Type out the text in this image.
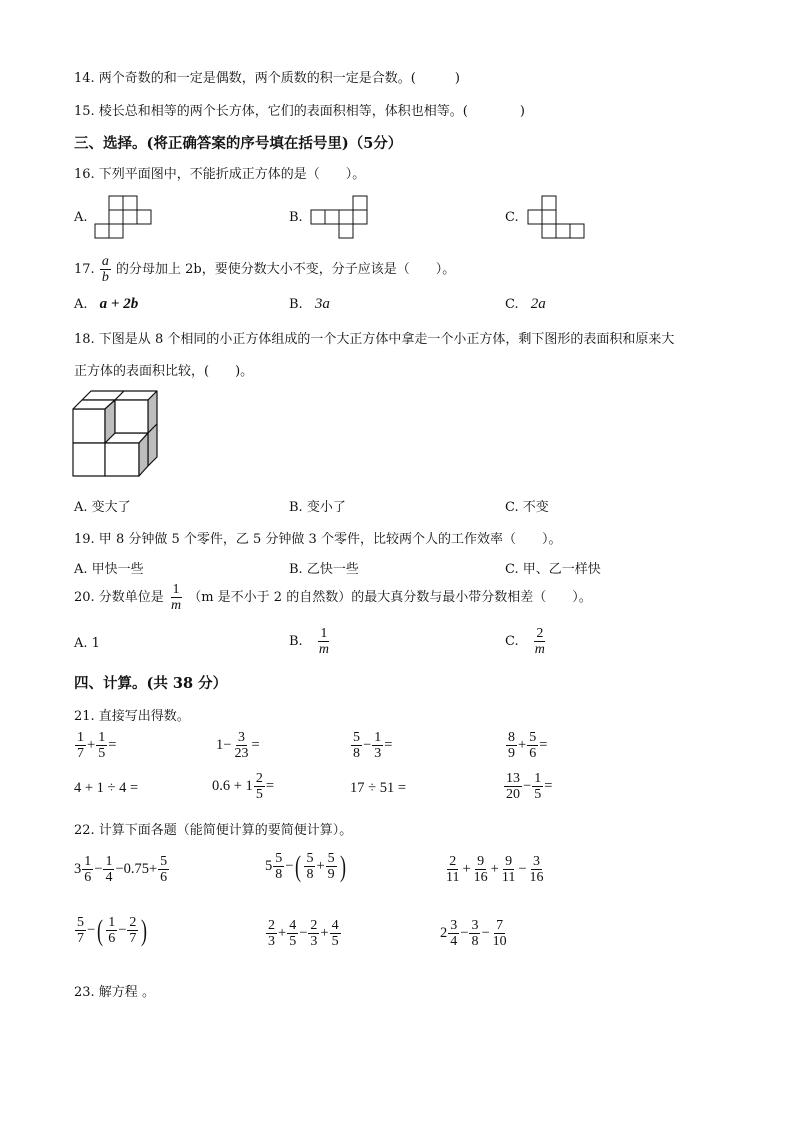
14. 两个奇数的和一定是偶数，两个质数的积一定是合数。(　　　)
15. 棱长总和相等的两个长方体，它们的表面积相等，体积也相等。(　　　　)
三、选择。(将正确答案的序号填在括号里)（5分）
16. 下列平面图中，不能折成正方体的是（　　）。
A.	B.	C.
17. $\frac{a}{b}$ 的分母加上 2b，要使分数大小不变，分子应该是（　　）。
A. a + 2b	B. 3a	C. 2a
18. 下图是从 8 个相同的小正方体组成的一个大正方体中拿走一个小正方体，剩下图形的表面积和原来大
正方体的表面积比较，(　　)。
A. 变大了	B. 变小了	C. 不变
19. 甲 8 分钟做 5 个零件，乙 5 分钟做 3 个零件，比较两个人的工作效率（　　）。
A. 甲快一些	B. 乙快一些	C. 甲、乙一样快
20. 分数单位是 $\frac{1}{m} (m$ 是不小于 2 的自然数）的最大真分数与最小带分数相差（　　）。
A. 1	B. $\frac{1}{m}$	C. $\frac{2}{m}$
四、计算。(共 38 分）
21. 直接写出得数。
$\frac{1}{7} + \frac{1}{5}$ =	$1- \frac{3}{23}$ =	$\frac{5}{8} - \frac{1}{3}$ =	$\frac{8}{9} + \frac{5}{6}$ =
4 + 1 ÷ 4 =	$0.6 + 1 \frac{2}{5}$ =	17 ÷ 51 =	$\frac{13}{20} - \frac{1}{5}$ =
22. 计算下面各题（能简便计算的要简便计算）。
$3 \frac{1}{6} - \frac{1}{4} -0.75+ \frac{5}{6}$	$5 \frac{5}{8}$ −( $\frac{5}{8} + \frac{5}{9}$ )	$\frac{2}{11} + \frac{9}{16} + \frac{9}{11} - \frac{3}{16}$
$\frac{5}{7}$ −( $\frac{1}{6} - \frac{2}{7}$ )	$\frac{2}{3} + \frac{4}{5} - \frac{2}{3} + \frac{4}{5}$	$2 \frac{3}{4} - \frac{3}{8} - \frac{7}{10}$
23. 解方程 。
